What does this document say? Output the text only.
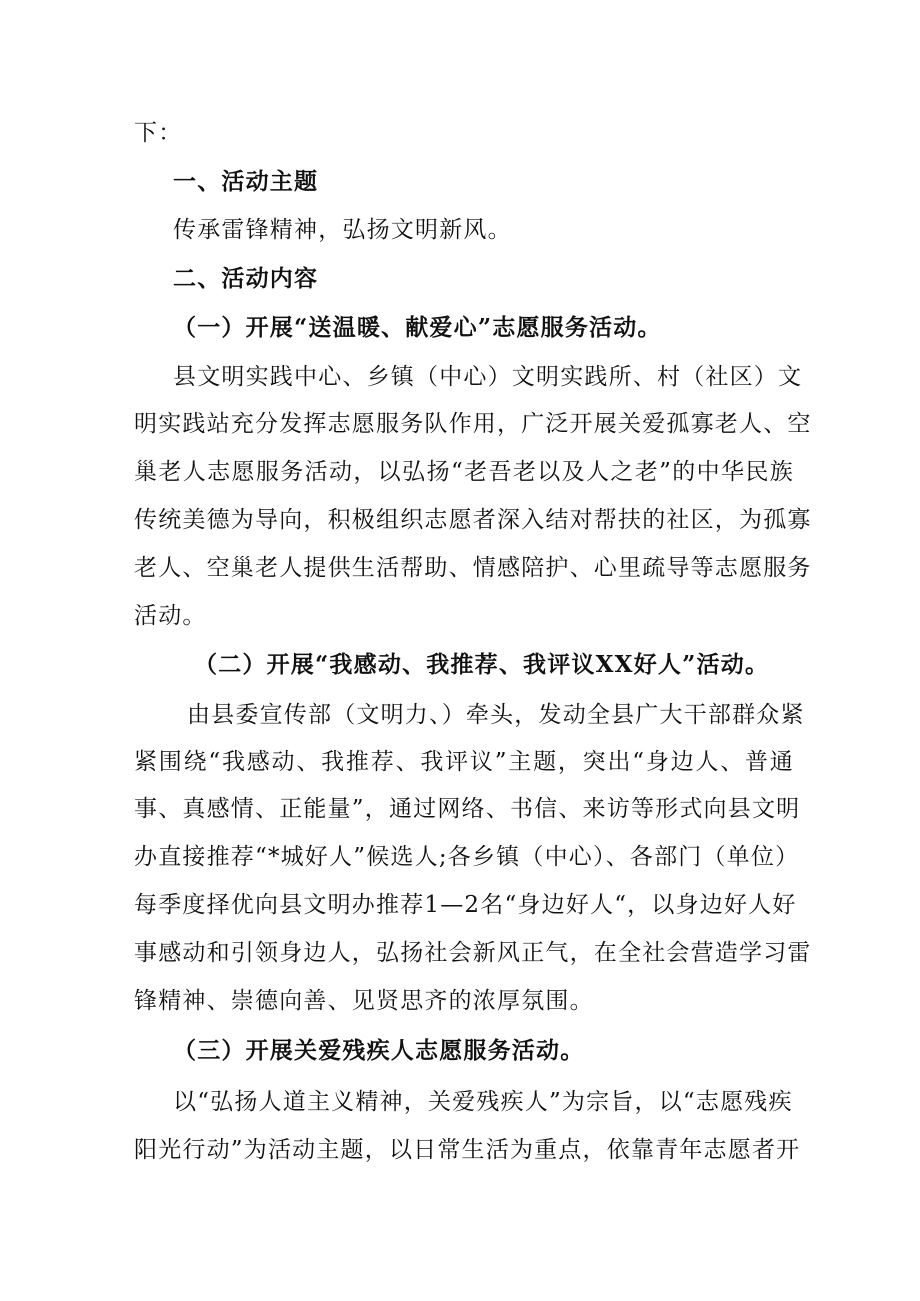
下：
一、活动主题
传承雷锋精神，弘扬文明新风。
二、活动内容
（一）开展“送温暖、献爱心”志愿服务活动。
县文明实践中心、乡镇（中心）文明实践所、村（社区）文
明实践站充分发挥志愿服务队作用，广泛开展关爱孤寡老人、空
巢老人志愿服务活动，以弘扬“老吾老以及人之老”的中华民族
传统美德为导向，积极组织志愿者深入结对帮扶的社区，为孤寡
老人、空巢老人提供生活帮助、情感陪护、心里疏导等志愿服务
活动。
（二）开展“我感动、我推荐、我评议XX好人”活动。
由县委宣传部（文明力、）牵头，发动全县广大干部群众紧
紧围绕“我感动、我推荐、我评议”主题，突出“身边人、普通
事、真感情、正能量”，通过网络、书信、来访等形式向县文明
办直接推荐“*城好人”候选人;各乡镇（中心）、各部门（单位）
每季度择优向县文明办推荐1—2名“身边好人“，以身边好人好
事感动和引领身边人，弘扬社会新风正气，在全社会营造学习雷
锋精神、崇德向善、见贤思齐的浓厚氛围。
（三）开展关爱残疾人志愿服务活动。
以“弘扬人道主义精神，关爱残疾人”为宗旨，以“志愿残疾
阳光行动”为活动主题，以日常生活为重点，依靠青年志愿者开
